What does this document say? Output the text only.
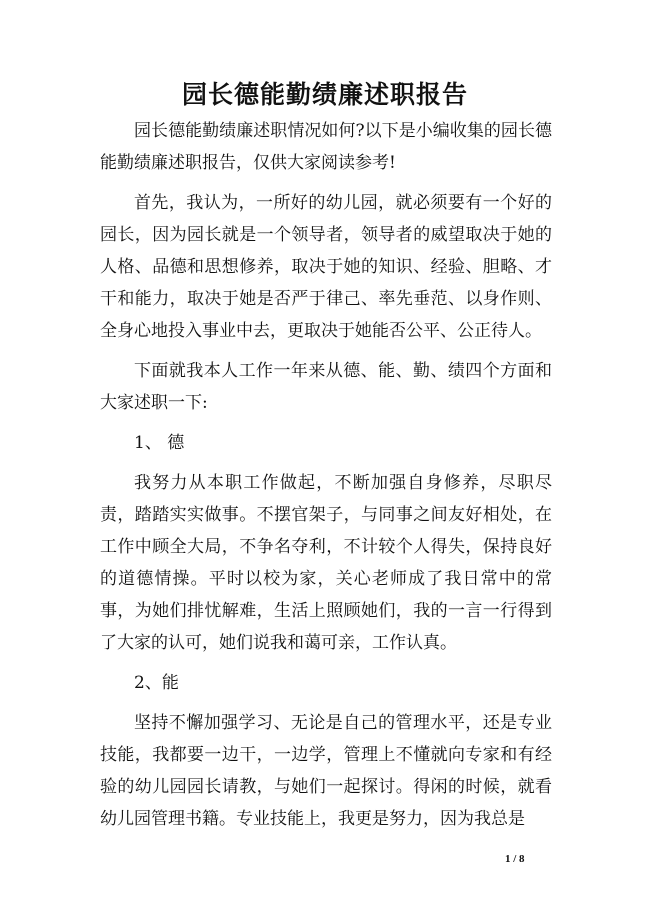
园长德能勤绩廉述职报告

园长德能勤绩廉述职情况如何?以下是小编收集的园长德能勤绩廉述职报告，仅供大家阅读参考!

首先，我认为，一所好的幼儿园，就必须要有一个好的园长，因为园长就是一个领导者，领导者的威望取决于她的人格、品德和思想修养，取决于她的知识、经验、胆略、才干和能力，取决于她是否严于律己、率先垂范、以身作则、全身心地投入事业中去，更取决于她能否公平、公正待人。

下面就我本人工作一年来从德、能、勤、绩四个方面和大家述职一下:

1、 德

我努力从本职工作做起，不断加强自身修养，尽职尽责，踏踏实实做事。不摆官架子，与同事之间友好相处，在工作中顾全大局，不争名夺利，不计较个人得失，保持良好的道德情操。平时以校为家，关心老师成了我日常中的常事，为她们排忧解难，生活上照顾她们，我的一言一行得到了大家的认可，她们说我和蔼可亲，工作认真。

2、能

坚持不懈加强学习、无论是自己的管理水平，还是专业技能，我都要一边干，一边学，管理上不懂就向专家和有经验的幼儿园园长请教，与她们一起探讨。得闲的时候，就看幼儿园管理书籍。专业技能上，我更是努力，因为我总是

1 / 8
